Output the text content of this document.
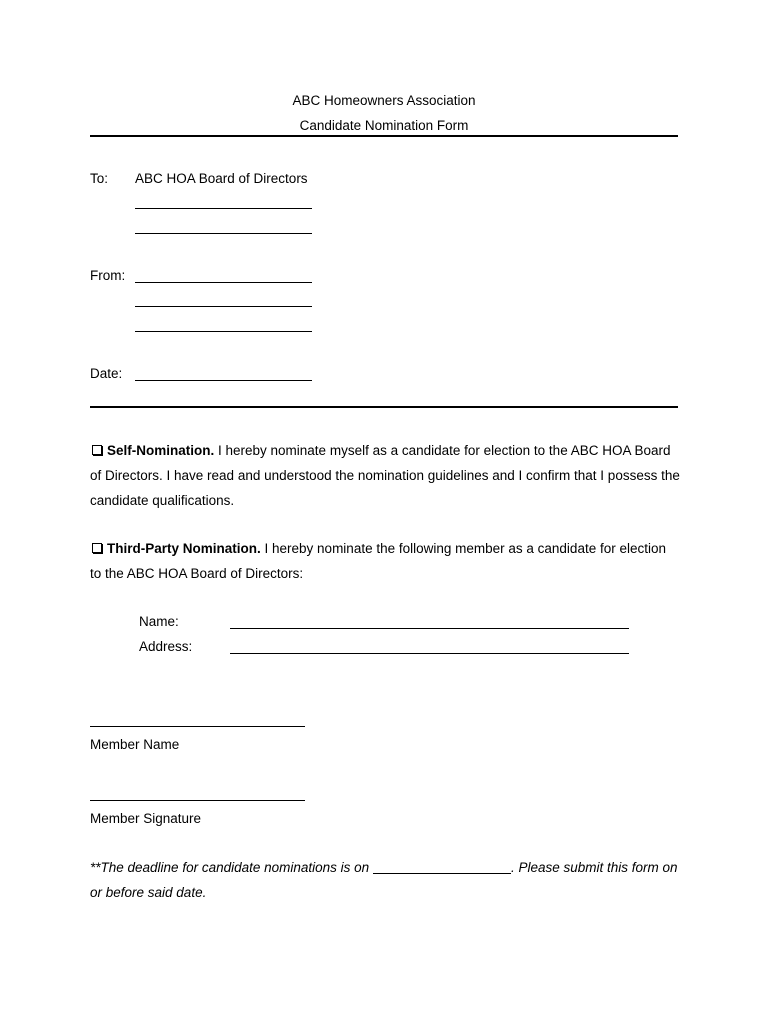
ABC Homeowners Association
Candidate Nomination Form
To: ABC HOA Board of Directors
From:
Date:
Self-Nomination. I hereby nominate myself as a candidate for election to the ABC HOA Board of Directors. I have read and understood the nomination guidelines and I confirm that I possess the candidate qualifications.
Third-Party Nomination. I hereby nominate the following member as a candidate for election to the ABC HOA Board of Directors:
Name:
Address:
Member Name
Member Signature
**The deadline for candidate nominations is on	. Please submit this form on or before said date.
